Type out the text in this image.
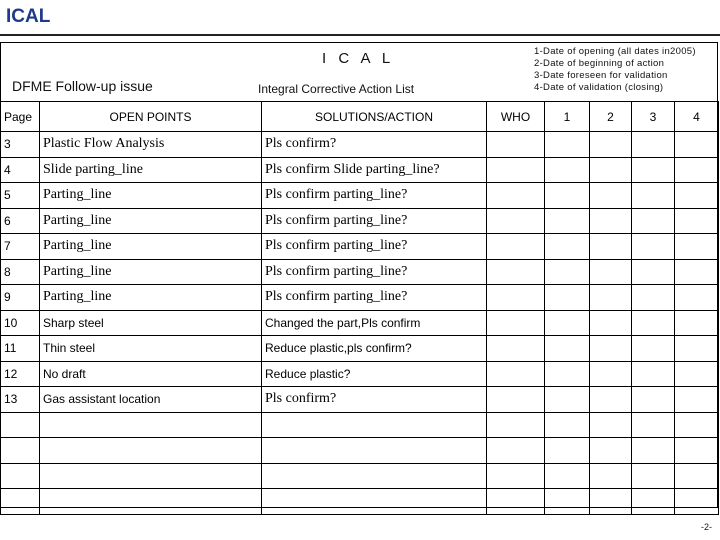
ICAL
I C A L
DFME Follow-up issue	Integral Corrective Action List
1-Date of opening (all dates in2005)
2-Date of beginning of action
3-Date foreseen for validation
4-Date of validation (closing)
Page	OPEN POINTS	SOLUTIONS/ACTION	WHO	1	2	3	4
3	Plastic Flow Analysis	Pls confirm?					
4	Slide parting_line	Pls confirm Slide parting_line?					
5	Parting_line	Pls confirm parting_line?					
6	Parting_line	Pls confirm parting_line?					
7	Parting_line	Pls confirm parting_line?					
8	Parting_line	Pls confirm parting_line?					
9	Parting_line	Pls confirm parting_line?					
10	Sharp steel	Changed the part,Pls confirm					
11	Thin steel	Reduce plastic,pls confirm?					
12	No draft	Reduce plastic?					
13	Gas assistant location	Pls confirm?					

-2-
